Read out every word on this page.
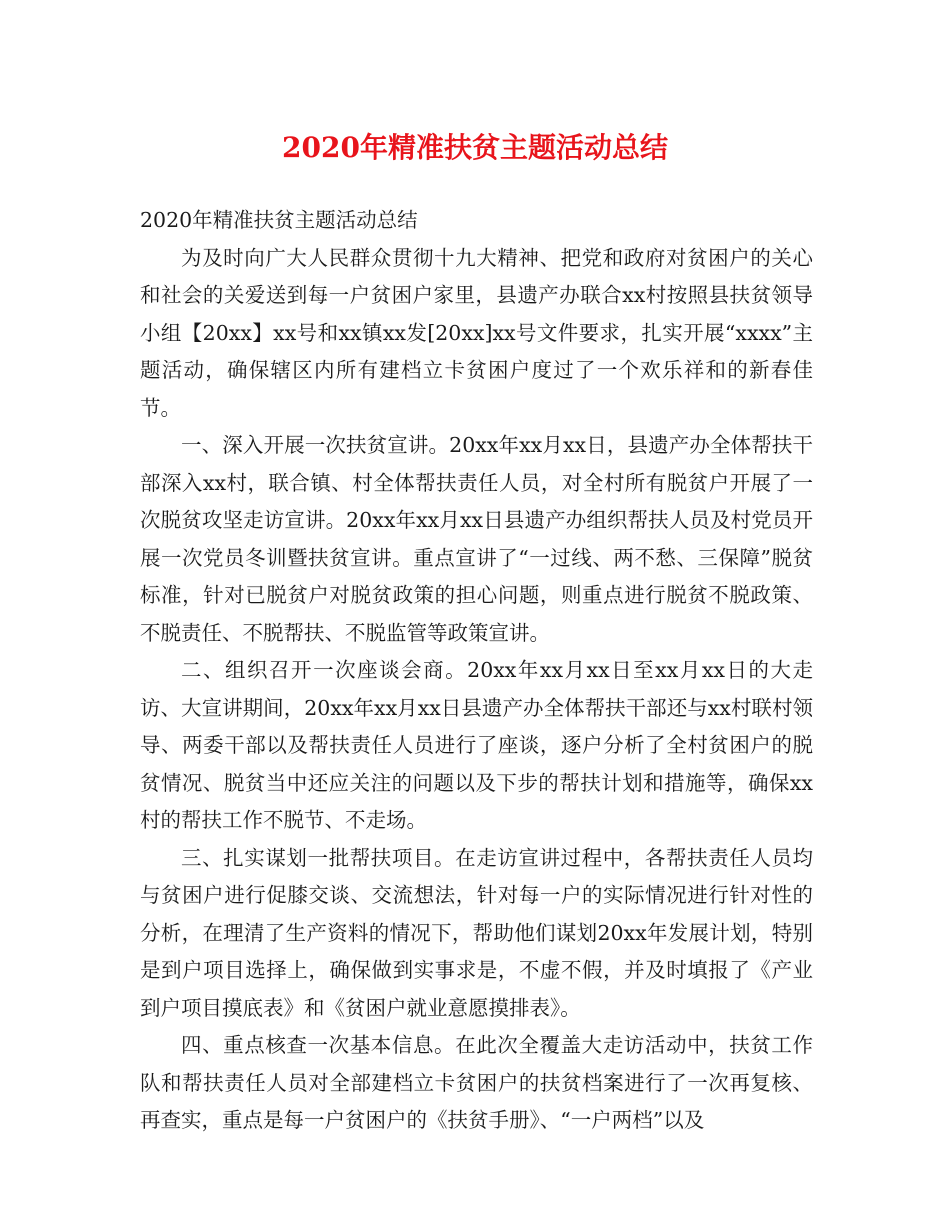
2020年精准扶贫主题活动总结

2020年精准扶贫主题活动总结

为及时向广大人民群众贯彻十九大精神、把党和政府对贫困户的关心和社会的关爱送到每一户贫困户家里，县遗产办联合xx村按照县扶贫领导小组【20xx】xx号和xx镇xx发[20xx]xx号文件要求，扎实开展“xxxx”主题活动，确保辖区内所有建档立卡贫困户度过了一个欢乐祥和的新春佳节。

一、深入开展一次扶贫宣讲。20xx年xx月xx日，县遗产办全体帮扶干部深入xx村，联合镇、村全体帮扶责任人员，对全村所有脱贫户开展了一次脱贫攻坚走访宣讲。20xx年xx月xx日县遗产办组织帮扶人员及村党员开展一次党员冬训暨扶贫宣讲。重点宣讲了“一过线、两不愁、三保障”脱贫标准，针对已脱贫户对脱贫政策的担心问题，则重点进行脱贫不脱政策、不脱责任、不脱帮扶、不脱监管等政策宣讲。

二、组织召开一次座谈会商。20xx年xx月xx日至xx月xx日的大走访、大宣讲期间，20xx年xx月xx日县遗产办全体帮扶干部还与xx村联村领导、两委干部以及帮扶责任人员进行了座谈，逐户分析了全村贫困户的脱贫情况、脱贫当中还应关注的问题以及下步的帮扶计划和措施等，确保xx村的帮扶工作不脱节、不走场。

三、扎实谋划一批帮扶项目。在走访宣讲过程中，各帮扶责任人员均与贫困户进行促膝交谈、交流想法，针对每一户的实际情况进行针对性的分析，在理清了生产资料的情况下，帮助他们谋划20xx年发展计划，特别是到户项目选择上，确保做到实事求是，不虚不假，并及时填报了《产业到户项目摸底表》和《贫困户就业意愿摸排表》。

四、重点核查一次基本信息。在此次全覆盖大走访活动中，扶贫工作队和帮扶责任人员对全部建档立卡贫困户的扶贫档案进行了一次再复核、再查实，重点是每一户贫困户的《扶贫手册》、“一户两档”以及
